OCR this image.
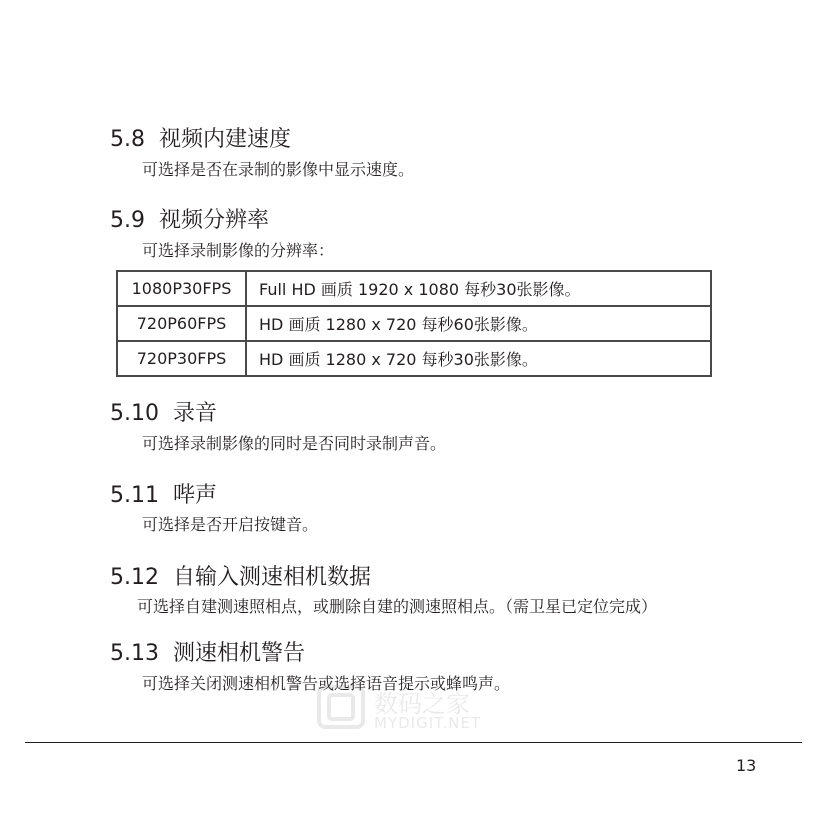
5.8 视频内建速度
可选择是否在录制的影像中显示速度。
5.9 视频分辨率
可选择录制影像的分辨率：
1080P30FPS	Full HD 画质 1920 x 1080 每秒30张影像。
720P60FPS	HD 画质 1280 x 720 每秒60张影像。
720P30FPS	HD 画质 1280 x 720 每秒30张影像。
5.10 录音
可选择录制影像的同时是否同时录制声音。
5.11 哔声
可选择是否开启按键音。
5.12 自输入测速相机数据
可选择自建测速照相点，或删除自建的测速照相点。（需卫星已定位完成）
5.13 测速相机警告
可选择关闭测速相机警告或选择语音提示或蜂鸣声。
数码之家
MYDIGIT.NET
13
